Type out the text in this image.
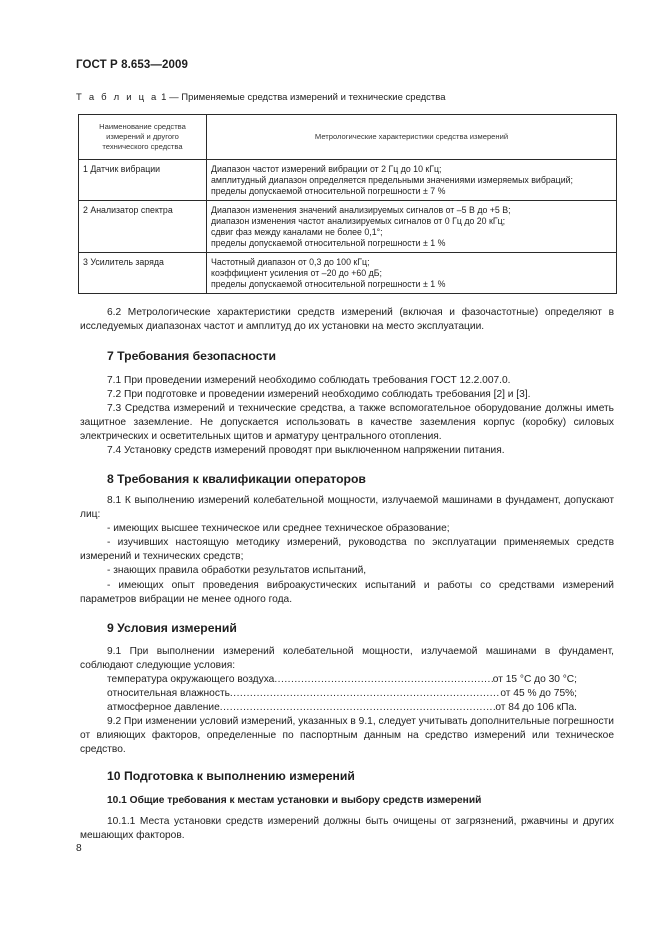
ГОСТ Р 8.653—2009
Т а б л и ц а 1 — Применяемые средства измерений и технические средства
Наименование средства измерений и другого технического средства	Метрологические характеристики средства измерений
1 Датчик вибрации	Диапазон частот измерений вибрации от 2 Гц до 10 кГц;
амплитудный диапазон определяется предельными значениями измеряемых вибраций;
пределы допускаемой относительной погрешности ± 7 %

2 Анализатор спектра	Диапазон изменения значений анализируемых сигналов от –5 В до +5 В;
диапазон изменения частот анализируемых сигналов от 0 Гц до 20 кГц;
сдвиг фаз между каналами не более 0,1°;
пределы допускаемой относительной погрешности ± 1 %

3 Усилитель заряда	Частотный диапазон от 0,3 до 100 кГц;
коэффициент усиления от –20 до +60 дБ;
пределы допускаемой относительной погрешности ± 1 %

6.2 Метрологические характеристики средств измерений (включая и фазочастотные) определяют в исследуемых диапазонах частот и амплитуд до их установки на место эксплуатации.

7 Требования безопасности

7.1 При проведении измерений необходимо соблюдать требования ГОСТ 12.2.007.0.

7.2 При подготовке и проведении измерений необходимо соблюдать требования [2] и [3].

7.3 Средства измерений и технические средства, а также вспомогательное оборудование должны иметь защитное заземление. Не допускается использовать в качестве заземления корпус (коробку) силовых электрических и осветительных щитов и арматуру центрального отопления.

7.4 Установку средств измерений проводят при выключенном напряжении питания.

8 Требования к квалификации операторов

8.1 К выполнению измерений колебательной мощности, излучаемой машинами в фундамент, допускают лиц:

- имеющих высшее техническое или среднее техническое образование;

- изучивших настоящую методику измерений, руководства по эксплуатации применяемых средств измерений и технических средств;

- знающих правила обработки результатов испытаний,

- имеющих опыт проведения виброакустических испытаний и работы со средствами измерений параметров вибрации не менее одного года.

9 Условия измерений

9.1 При выполнении измерений колебательной мощности, излучаемой машинами в фундамент, соблюдают следующие условия:

температура окружающего воздуха .....	от 15 °С до 30 °С;
относительная влажность .....	от 45 % до 75%;
атмосферное давление .....	от 84 до 106 кПа.

9.2 При изменении условий измерений, указанных в 9.1, следует учитывать дополнительные погрешности от влияющих факторов, определенные по паспортным данным на средство измерений или техническое средство.

10 Подготовка к выполнению измерений
10.1 Общие требования к местам установки и выбору средств измерений

10.1.1 Места установки средств измерений должны быть очищены от загрязнений, ржавчины и других мешающих факторов.

8
